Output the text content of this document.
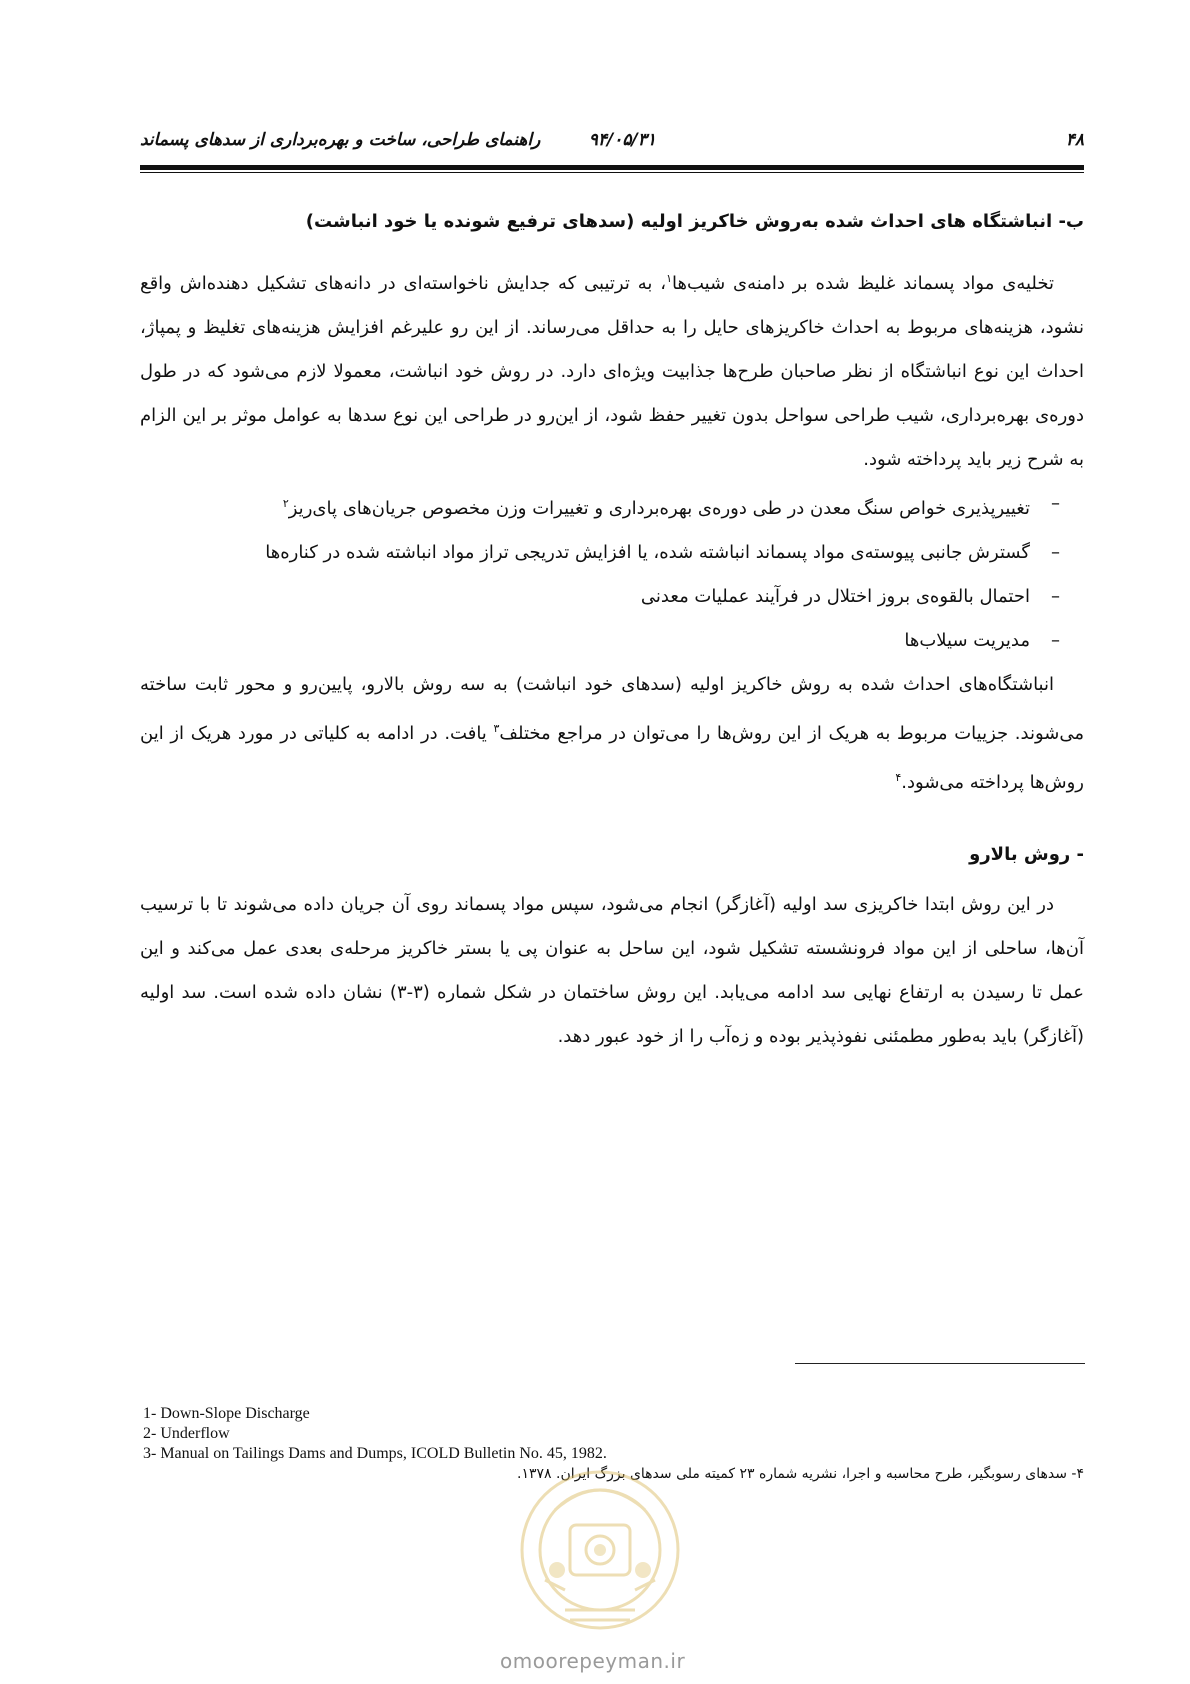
۴۸
۹۴/۰۵/۳۱
راهنمای طراحی، ساخت و بهره‌برداری از سدهای پسماند

ب- انباشتگاه های احداث شده به‌روش خاکریز اولیه (سدهای ترفیع شونده یا خود انباشت)

تخلیه‌ی مواد پسماند غلیظ شده بر دامنه‌ی شیب‌ها$^۱$، به ترتیبی که جدایش ناخواسته‌ای در دانه‌های تشکیل دهنده‌اش واقع نشود، هزینه‌های مربوط به احداث خاکریزهای حایل را به حداقل می‌رساند. از این رو علیرغم افزایش هزینه‌های تغلیظ و پمپاژ، احداث این نوع انباشتگاه از نظر صاحبان طرح‌ها جذابیت ویژه‌ای دارد. در روش خود انباشت، معمولا لازم می‌شود که در طول دوره‌ی بهره‌برداری، شیب طراحی سواحل بدون تغییر حفظ شود، از این‌رو در طراحی این نوع سدها به عوامل موثر بر این الزام به شرح زیر باید پرداخته شود.

–
تغییرپذیری خواص سنگ معدن در طی دوره‌ی بهره‌برداری و تغییرات وزن مخصوص جریان‌های پای‌ریز$^۲$
–
گسترش جانبی پیوسته‌ی مواد پسماند انباشته شده، یا افزایش تدریجی تراز مواد انباشته شده در کناره‌ها
–
احتمال بالقوه‌ی بروز اختلال در فرآیند عملیات معدنی
–
مدیریت سیلاب‌ها

انباشتگاه‌های احداث شده به روش خاکریز اولیه (سدهای خود انباشت) به سه روش بالارو، پایین‌رو و محور ثابت ساخته می‌شوند. جزییات مربوط به هریک از این روش‌ها را می‌توان در مراجع مختلف$^۳$ یافت. در ادامه به کلیاتی در مورد هریک از این روش‌ها پرداخته می‌شود.$^۴$

- روش بالارو

در این روش ابتدا خاکریزی سد اولیه (آغازگر) انجام می‌شود، سپس مواد پسماند روی آن جریان داده می‌شوند تا با ترسیب آن‌ها، ساحلی از این مواد فرونشسته تشکیل شود، این ساحل به عنوان پی یا بستر خاکریز مرحله‌ی بعدی عمل می‌کند و این عمل تا رسیدن به ارتفاع نهایی سد ادامه می‌یابد. این روش ساختمان در شکل شماره (۳-۳) نشان داده شده است. سد اولیه (آغازگر) باید به‌طور مطمئنی نفوذپذیر بوده و زه‌آب را از خود عبور دهد.

1- Down-Slope Discharge
2- Underflow
3- Manual on Tailings Dams and Dumps, ICOLD Bulletin No. 45, 1982.
۴- سدهای رسوبگیر، طرح محاسبه و اجرا، نشریه شماره ۲۳ کمیته ملی سدهای بزرگ ایران. ۱۳۷۸.
omoorepeyman.ir
